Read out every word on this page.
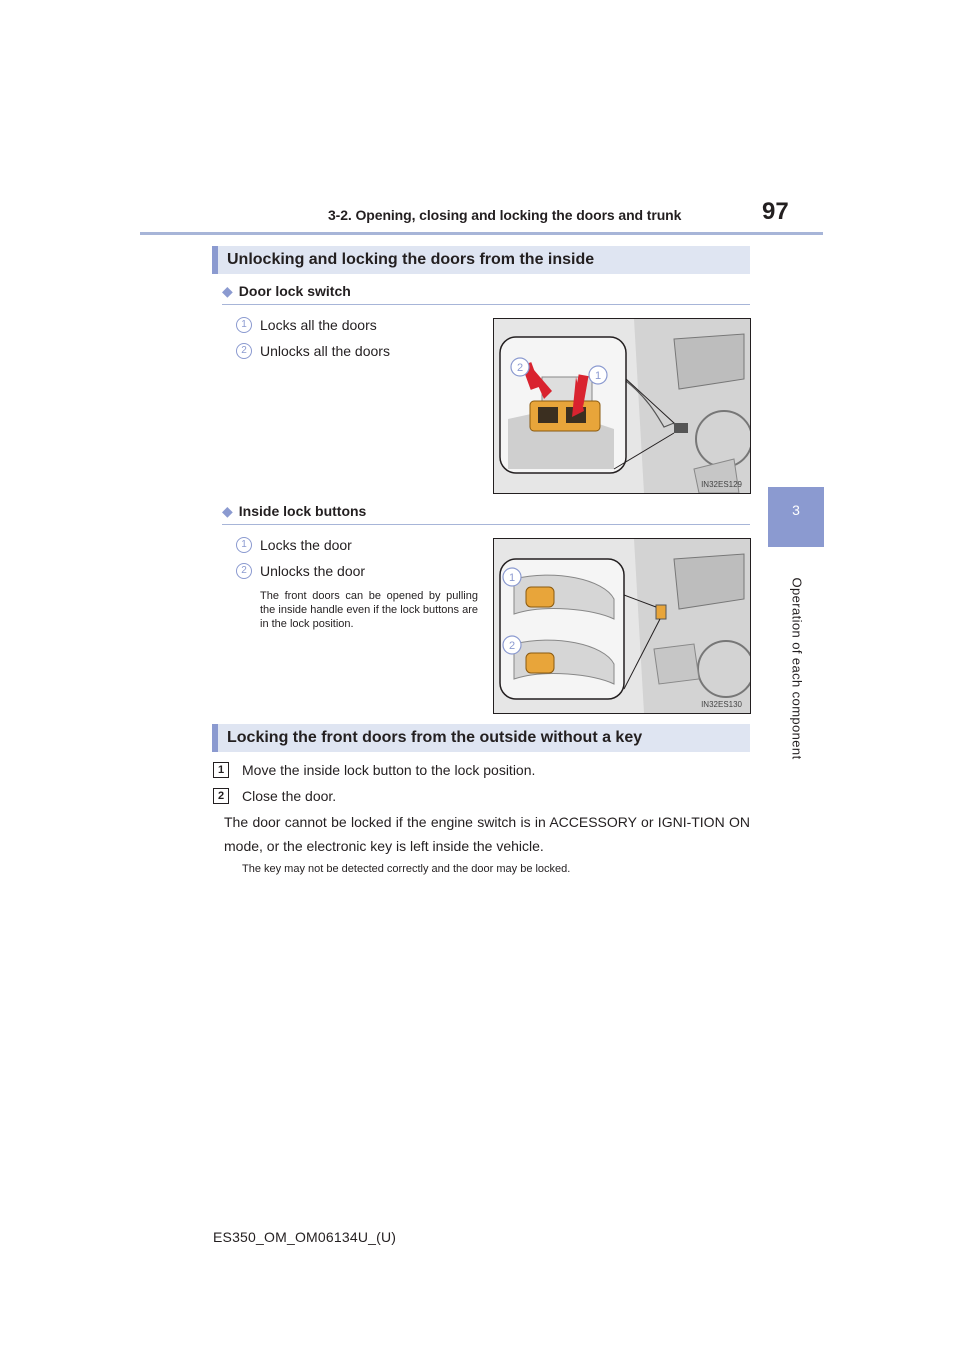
3-2. Opening, closing and locking the doors and trunk	97
3
Operation of each component
Unlocking and locking the doors from the inside
◆ Door lock switch
1 Locks all the doors
2 Unlocks all the doors
2
1
IN32ES129
◆ Inside lock buttons
1 Locks the door
2 Unlocks the door
The front doors can be opened by pulling the inside handle even if the lock buttons are in the lock position.
1
2
IN32ES130
Locking the front doors from the outside without a key
1	Move the inside lock button to the lock position.
2	Close the door.
The door cannot be locked if the engine switch is in ACCESSORY or IGNI-TION ON mode, or the electronic key is left inside the vehicle.
The key may not be detected correctly and the door may be locked.
ES350_OM_OM06134U_(U)
